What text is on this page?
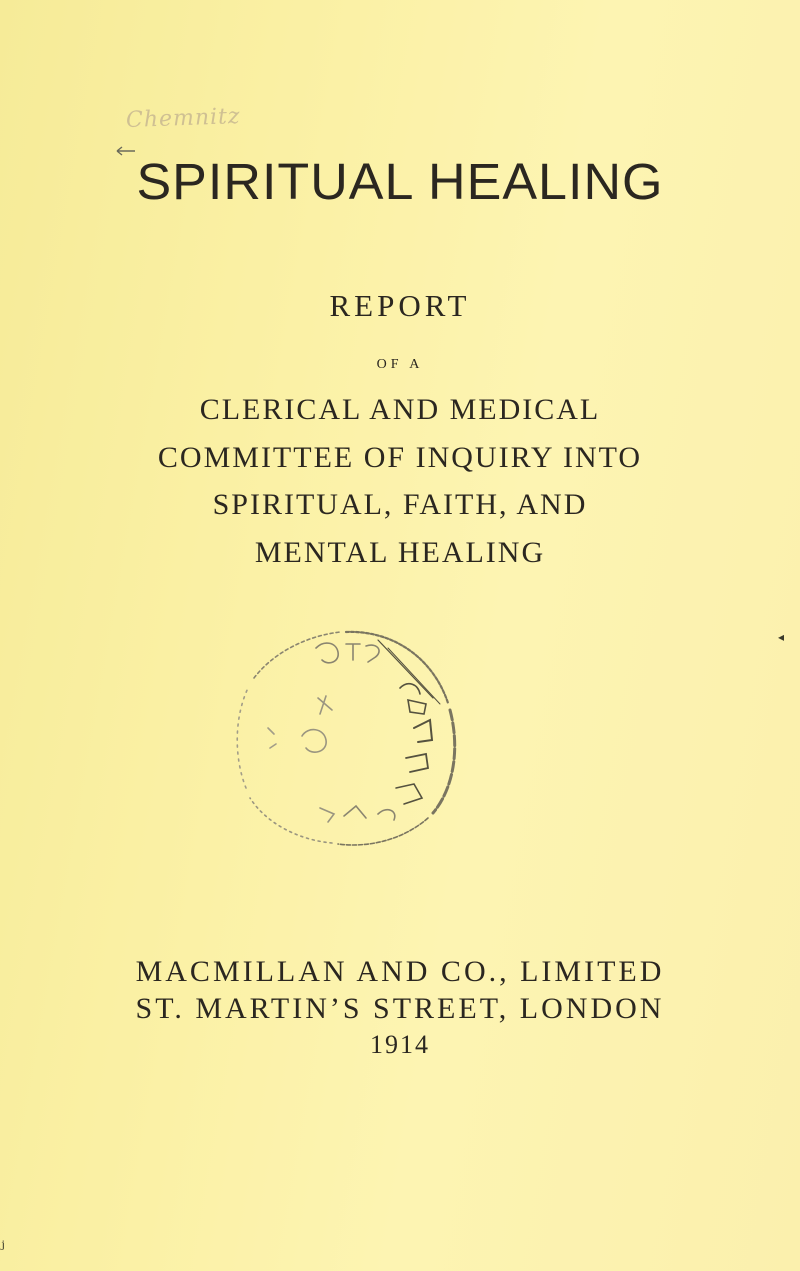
Chemnitz
SPIRITUAL HEALING
REPORT
OF A
CLERICAL AND MEDICAL
COMMITTEE OF INQUIRY INTO
SPIRITUAL, FAITH, AND
MENTAL HEALING
MACMILLAN AND CO., LIMITED
ST. MARTIN’S STREET, LONDON
1914
◂
ʲ
